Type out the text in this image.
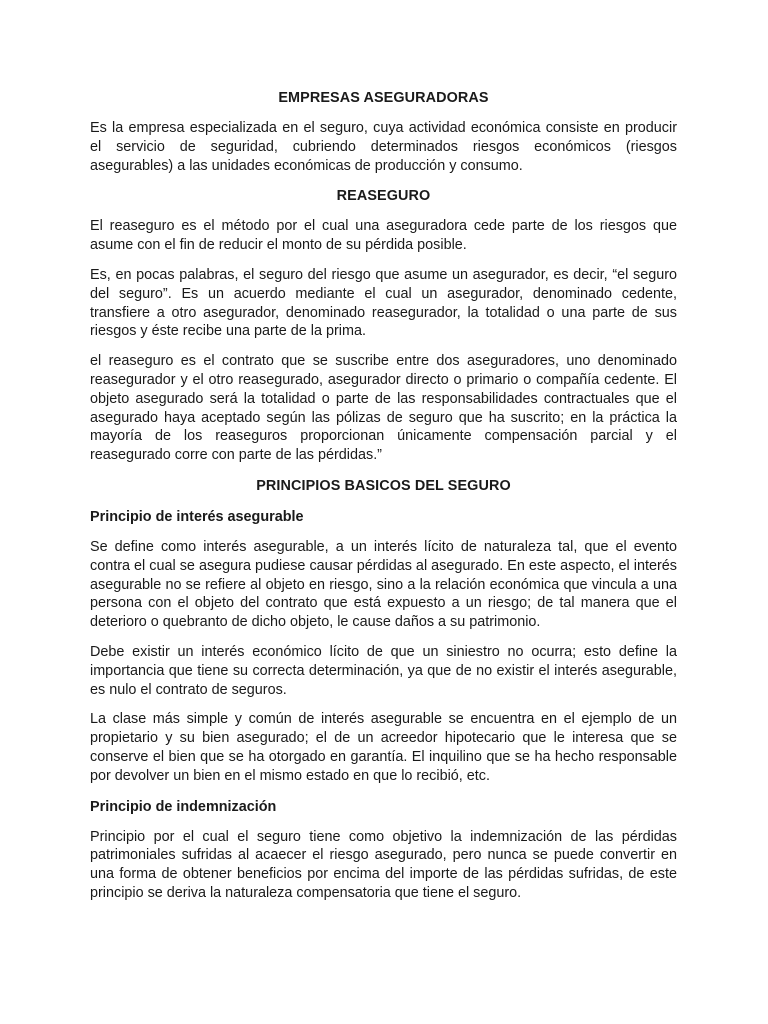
EMPRESAS ASEGURADORAS

Es la empresa especializada en el seguro, cuya actividad económica consiste en producir el servicio de seguridad, cubriendo determinados riesgos económicos (riesgos asegurables) a las unidades económicas de producción y consumo.

REASEGURO

El reaseguro es el método por el cual una aseguradora cede parte de los riesgos que asume con el fin de reducir el monto de su pérdida posible.

Es, en pocas palabras, el seguro del riesgo que asume un asegurador, es decir, “el seguro del seguro”. Es un acuerdo mediante el cual un asegurador, denominado cedente, transfiere a otro asegurador, denominado reasegurador, la totalidad o una parte de sus riesgos y éste recibe una parte de la prima.

el reaseguro es el contrato que se suscribe entre dos aseguradores, uno denominado reasegurador y el otro reasegurado, asegurador directo o primario o compañía cedente. El objeto asegurado será la totalidad o parte de las responsabilidades contractuales que el asegurado haya aceptado según las pólizas de seguro que ha suscrito; en la práctica la mayoría de los reaseguros proporcionan únicamente compensación parcial y el reasegurado corre con parte de las pérdidas.”

PRINCIPIOS BASICOS DEL SEGURO
Principio de interés asegurable

Se define como interés asegurable, a un interés lícito de naturaleza tal, que el evento contra el cual se asegura pudiese causar pérdidas al asegurado. En este aspecto, el interés asegurable no se refiere al objeto en riesgo, sino a la relación económica que vincula a una persona con el objeto del contrato que está expuesto a un riesgo; de tal manera que el deterioro o quebranto de dicho objeto, le cause daños a su patrimonio.

Debe existir un interés económico lícito de que un siniestro no ocurra; esto define la importancia que tiene su correcta determinación, ya que de no existir el interés asegurable, es nulo el contrato de seguros.

La clase más simple y común de interés asegurable se encuentra en el ejemplo de un propietario y su bien asegurado; el de un acreedor hipotecario que le interesa que se conserve el bien que se ha otorgado en garantía. El inquilino que se ha hecho responsable por devolver un bien en el mismo estado en que lo recibió, etc.

Principio de indemnización

Principio por el cual el seguro tiene como objetivo la indemnización de las pérdidas patrimoniales sufridas al acaecer el riesgo asegurado, pero nunca se puede convertir en una forma de obtener beneficios por encima del importe de las pérdidas sufridas, de este principio se deriva la naturaleza compensatoria que tiene el seguro.
